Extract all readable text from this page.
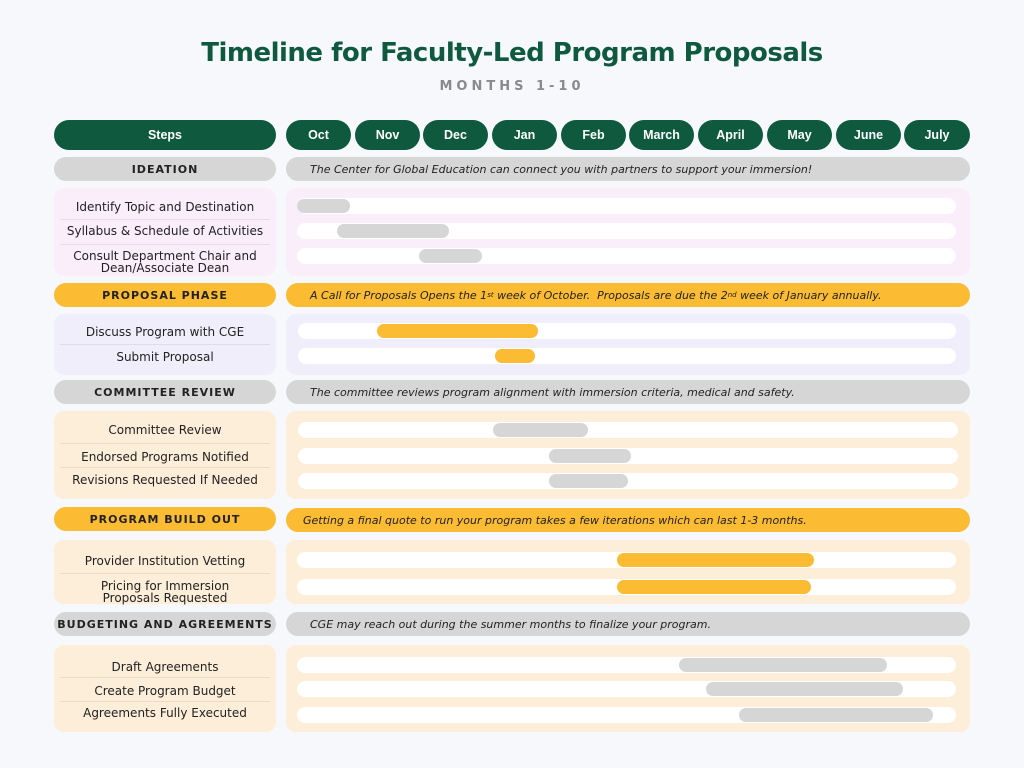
Timeline for Faculty-Led Program Proposals
MONTHS 1-10
Steps	Oct	Nov	Dec	Jan	Feb	March	April	May	June	July
IDEATION	The Center for Global Education can connect you with partners to support your immersion!
Identify Topic and Destination
Syllabus & Schedule of Activities
Consult Department Chair and Dean/Associate Dean
PROPOSAL PHASE	A Call for Proposals Opens the 1 st week of October.  Proposals are due the 2 nd week of January annually.
Discuss Program with CGE
Submit Proposal
COMMITTEE REVIEW	The committee reviews program alignment with immersion criteria, medical and safety.
Committee Review
Endorsed Programs Notified
Revisions Requested If Needed
PROGRAM BUILD OUT	Getting a final quote to run your program takes a few iterations which can last 1-3 months.
Provider Institution Vetting
Pricing for Immersion Proposals Requested
BUDGETING AND AGREEMENTS	CGE may reach out during the summer months to finalize your program.
Draft Agreements
Create Program Budget
Agreements Fully Executed
